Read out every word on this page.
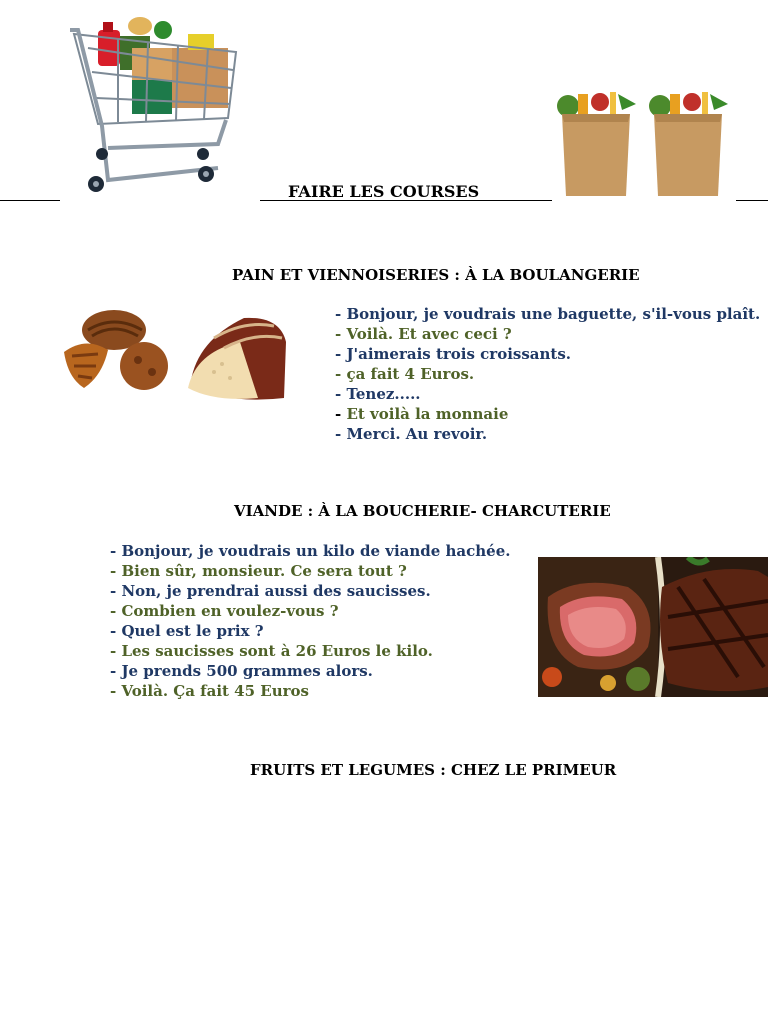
FAIRE LES COURSES
PAIN ET VIENNOISERIES : À LA BOULANGERIE
- Bonjour, je voudrais une baguette, s'il-vous plaît.
- Voilà. Et avec ceci ?
- J'aimerais trois croissants.
- ça fait 4 Euros.
- Tenez.....
- Et voilà la monnaie
- Merci. Au revoir.
VIANDE : À LA BOUCHERIE- CHARCUTERIE
- Bonjour, je voudrais un kilo de viande hachée.
- Bien sûr, monsieur. Ce sera tout ?
- Non, je prendrai aussi des saucisses.
- Combien en voulez-vous ?
- Quel est le prix ?
- Les saucisses sont à 26 Euros le kilo.
- Je prends 500 grammes alors.
- Voilà. Ça fait 45 Euros
FRUITS ET LEGUMES : CHEZ LE PRIMEUR
